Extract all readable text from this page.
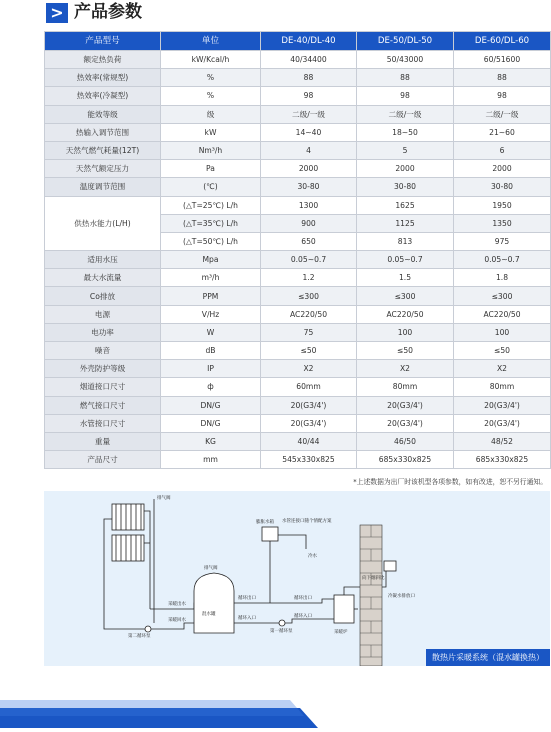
> 产品参数
产品型号	单位	DE-40/DL-40	DE-50/DL-50	DE-60/DL-60
额定热负荷	kW/Kcal/h	40/34400	50/43000	60/51600
热效率(常规型)	%	88	88	88
热效率(冷凝型)	%	98	98	98
能效等级	级	二级/一级	二级/一级	二级/一级
热输入调节范围	kW	14~40	18~50	21~60
天然气燃气耗量(12T)	Nm³/h	4	5	6
天然气额定压力	Pa	2000	2000	2000
温度调节范围	(℃)	30-80	30-80	30-80
供热水能力(L/H)	(△T=25℃) L/h	1300	1625	1950
	(△T=35℃) L/h	900	1125	1350
	(△T=50℃) L/h	650	813	975
适用水压	Mpa	0.05~0.7	0.05~0.7	0.05~0.7
最大水流量	m³/h	1.2	1.5	1.8
Co排放	PPM	≤300	≤300	≤300
电源	V/Hz	AC220/50	AC220/50	AC220/50
电功率	W	75	100	100
噪音	dB	≤50	≤50	≤50
外壳防护等级	IP	X2	X2	X2
烟道接口尺寸	ф	60mm	80mm	80mm
燃气接口尺寸	DN/G	20(G3/4')	20(G3/4')	20(G3/4')
水管接口尺寸	DN/G	20(G3/4')	20(G3/4')	20(G3/4')
重量	KG	40/44	46/50	48/52
产品尺寸	mm	545x330x825	685x330x825	685x330x825
*上述数据为出厂时该机型各项参数，如有改进，恕不另行通知。
排气阀
膨胀水箱 水管连接口随个情配方案
冷水
排气阀
采暖出水
采暖回水
混水罐
循环出口
循环入口
循环出口
循环入口
第一循环泵
第二循环泵
向下烟斜比
采暖炉
冷凝水排放口
散热片采暖系统（混水罐换热）
